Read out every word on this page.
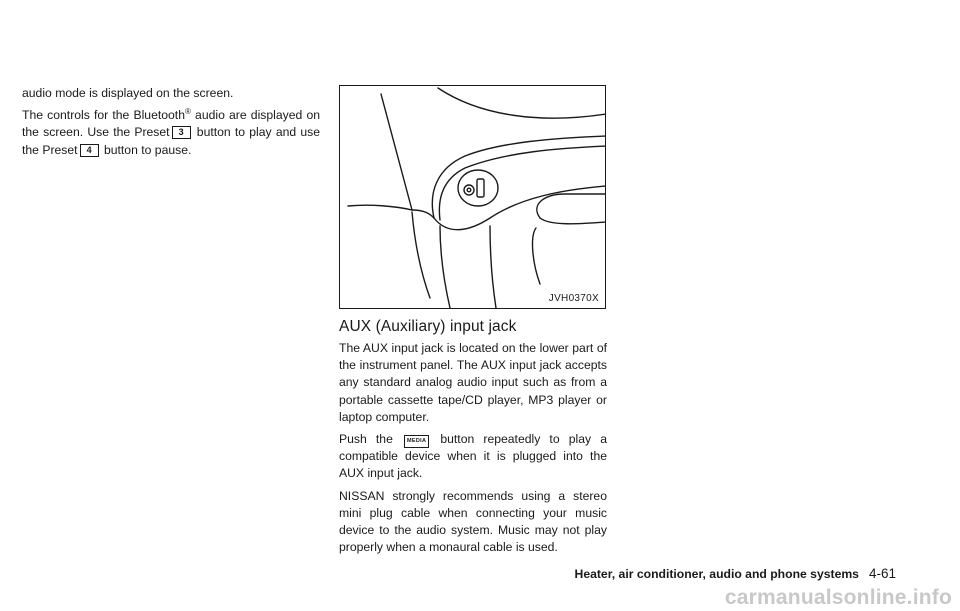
audio mode is displayed on the screen.

The controls for the Bluetooth® audio are displayed on the screen. Use the Preset 3 button to play and use the Preset 4 button to pause.

JVH0370X
AUX (Auxiliary) input jack

The AUX input jack is located on the lower part of the instrument panel. The AUX input jack accepts any standard analog audio input such as from a portable cassette tape/CD player, MP3 player or laptop computer.

Push the	MEDIA button repeatedly to play a compatible device when it is plugged into the AUX input jack.

NISSAN strongly recommends using a stereo mini plug cable when connecting your music device to the audio system. Music may not play properly when a monaural cable is used.

Heater, air conditioner, audio and phone systems 4-61
carmanualsonline.info
